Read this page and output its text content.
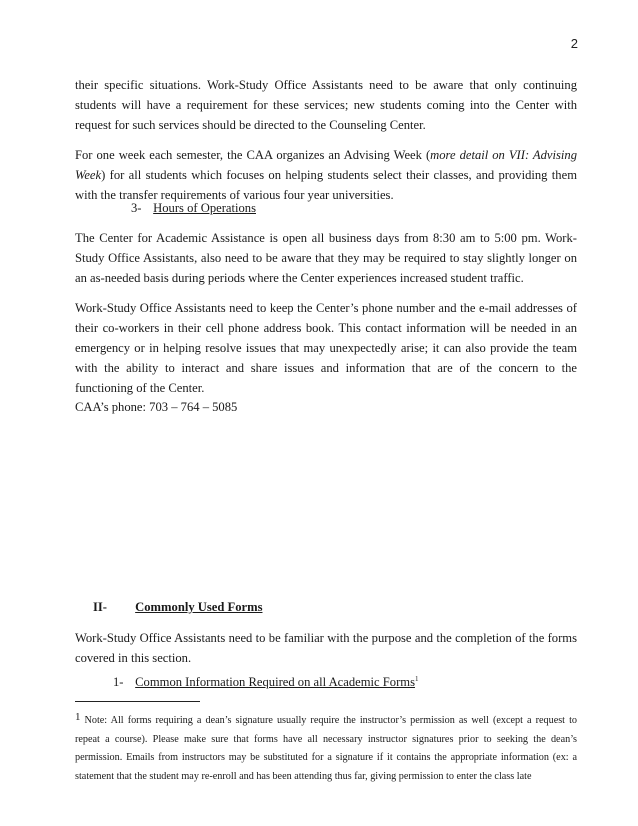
2

their specific situations. Work-Study Office Assistants need to be aware that only continuing students will have a requirement for these services; new students coming into the Center with request for such services should be directed to the Counseling Center.

For one week each semester, the CAA organizes an Advising Week (more detail on VII: Advising Week) for all students which focuses on helping students select their classes, and providing them with the transfer requirements of various four year universities.

3- Hours of Operations

The Center for Academic Assistance is open all business days from 8:30 am to 5:00 pm. Work-Study Office Assistants, also need to be aware that they may be required to stay slightly longer on an as-needed basis during periods where the Center experiences increased student traffic.

Work-Study Office Assistants need to keep the Center’s phone number and the e-mail addresses of their co-workers in their cell phone address book. This contact information will be needed in an emergency or in helping resolve issues that may unexpectedly arise; it can also provide the team with the ability to interact and share issues and information that are of the concern to the functioning of the Center.

CAA’s phone: 703 – 764 – 5085
II- Commonly Used Forms

Work-Study Office Assistants need to be familiar with the purpose and the completion of the forms covered in this section.

1- Common Information Required on all Academic Forms$^1$
1 Note: All forms requiring a dean’s signature usually require the instructor’s permission as well (except a request to repeat a course). Please make sure that forms have all necessary instructor signatures prior to seeking the dean’s permission. Emails from instructors may be substituted for a signature if it contains the appropriate information (ex: a statement that the student may re-enroll and has been attending thus far, giving permission to enter the class late
